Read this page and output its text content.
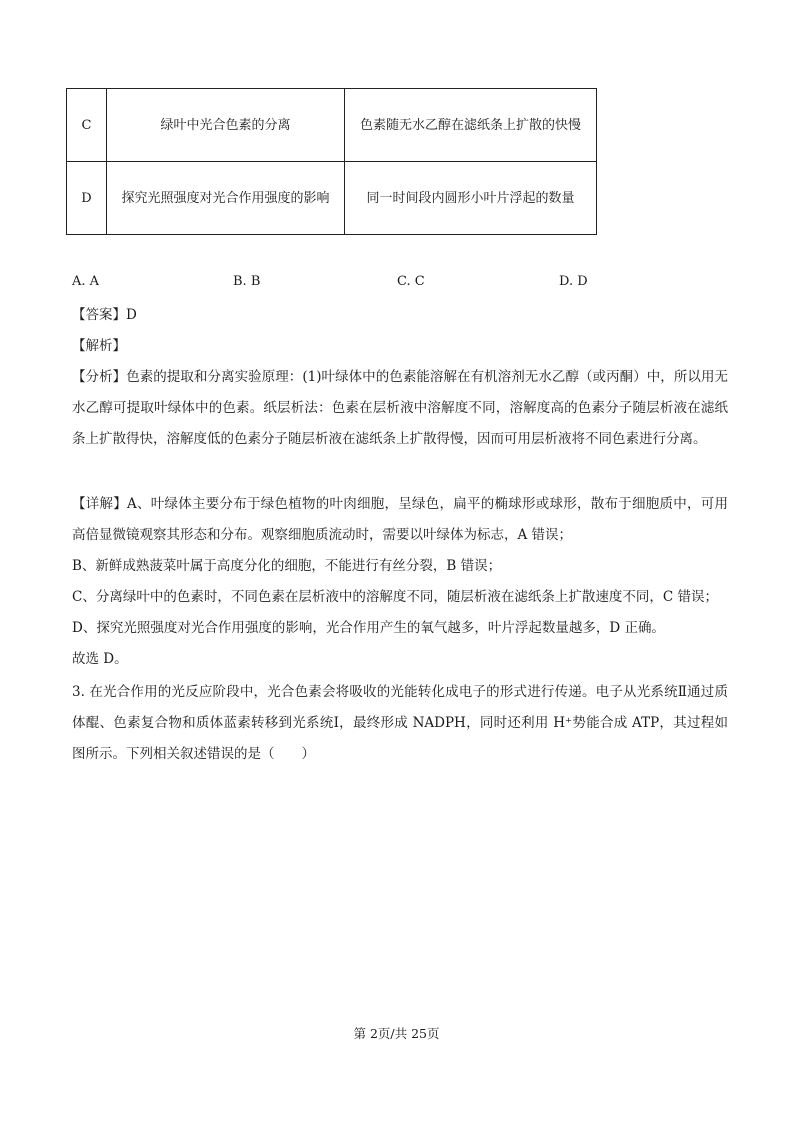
C	绿叶中光合色素的分离	色素随无水乙醇在滤纸条上扩散的快慢
D	探究光照强度对光合作用强度的影响	同一时间段内圆形小叶片浮起的数量
A. A	B. B	C. C	D. D
【答案】D
【解析】
【分析】色素的提取和分离实验原理：(1)叶绿体中的色素能溶解在有机溶剂无水乙醇（或丙酮）中，所以用无水乙醇可提取叶绿体中的色素。纸层析法：色素在层析液中溶解度不同，溶解度高的色素分子随层析液在滤纸条上扩散得快，溶解度低的色素分子随层析液在滤纸条上扩散得慢，因而可用层析液将不同色素进行分离。
【详解】A、叶绿体主要分布于绿色植物的叶肉细胞，呈绿色，扁平的椭球形或球形，散布于细胞质中，可用高倍显微镜观察其形态和分布。观察细胞质流动时，需要以叶绿体为标志，A 错误；
B、新鲜成熟菠菜叶属于高度分化的细胞，不能进行有丝分裂，B 错误；
C、分离绿叶中的色素时，不同色素在层析液中的溶解度不同，随层析液在滤纸条上扩散速度不同，C 错误；
D、探究光照强度对光合作用强度的影响，光合作用产生的氧气越多，叶片浮起数量越多，D 正确。
故选 D。
3. 在光合作用的光反应阶段中，光合色素会将吸收的光能转化成电子的形式进行传递。电子从光系统Ⅱ通过质体醌、色素复合物和质体蓝素转移到光系统Ⅰ，最终形成 NADPH，同时还利用 H⁺势能合成 ATP，其过程如图所示。下列相关叙述错误的是（　　）
第 2页/共 25页
